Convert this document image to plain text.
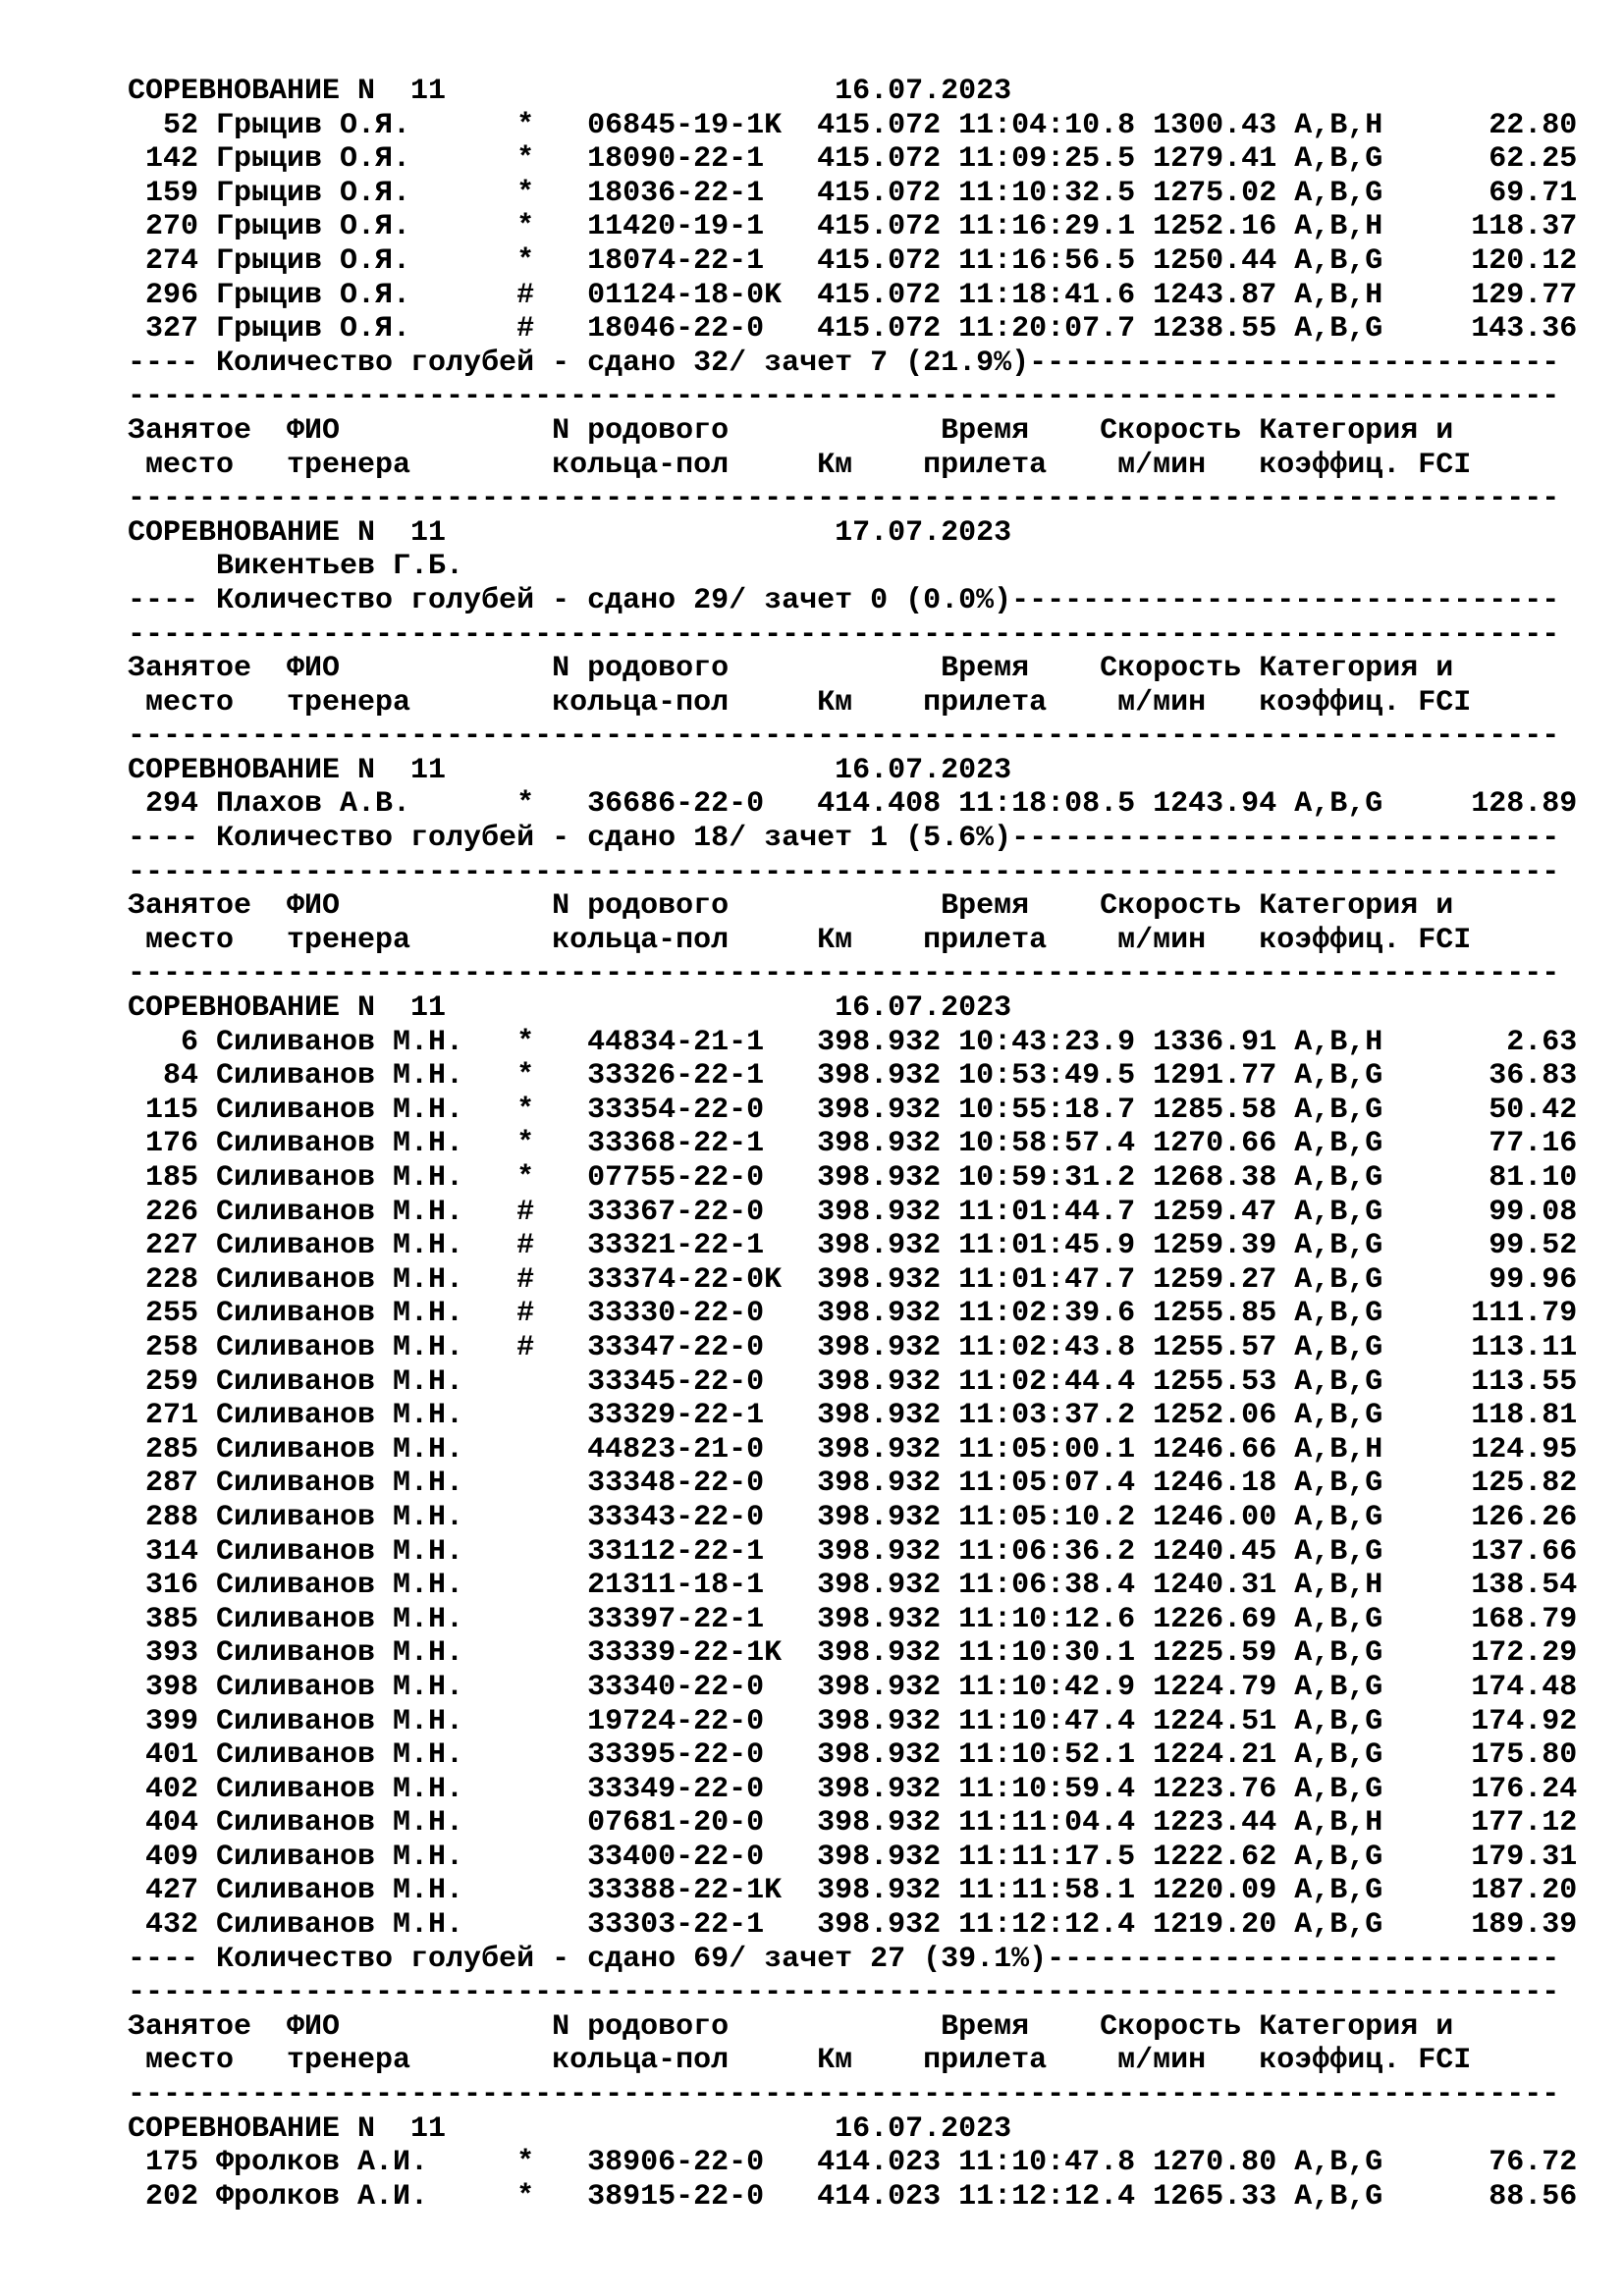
СОРЕВНОВАНИЕ N  11                      16.07.2023
52 Грыцив О.Я.      *   06845-19-1K  415.072 11:04:10.8 1300.43 A,B,H      22.80
142 Грыцив О.Я.      *   18090-22-1   415.072 11:09:25.5 1279.41 A,B,G      62.25
159 Грыцив О.Я.      *   18036-22-1   415.072 11:10:32.5 1275.02 A,B,G      69.71
270 Грыцив О.Я.      *   11420-19-1   415.072 11:16:29.1 1252.16 A,B,H     118.37
274 Грыцив О.Я.      *   18074-22-1   415.072 11:16:56.5 1250.44 A,B,G     120.12
296 Грыцив О.Я.      #   01124-18-0K  415.072 11:18:41.6 1243.87 A,B,H     129.77
327 Грыцив О.Я.      #   18046-22-0   415.072 11:20:07.7 1238.55 A,B,G     143.36
---- Количество голубей - сдано 32/ зачет 7 (21.9%)------------------------------
---------------------------------------------------------------------------------
Занятое  ФИО            N родового            Время    Скорость Категория и
место   тренера        кольца-пол     Км    прилета    м/мин   коэффиц. FCI
---------------------------------------------------------------------------------
СОРЕВНОВАНИЕ N  11                      17.07.2023
Викентьев Г.Б.
---- Количество голубей - сдано 29/ зачет 0 (0.0%)-------------------------------
---------------------------------------------------------------------------------
Занятое  ФИО            N родового            Время    Скорость Категория и
место   тренера        кольца-пол     Км    прилета    м/мин   коэффиц. FCI
---------------------------------------------------------------------------------
СОРЕВНОВАНИЕ N  11                      16.07.2023
294 Плахов А.В.      *   36686-22-0   414.408 11:18:08.5 1243.94 A,B,G     128.89
---- Количество голубей - сдано 18/ зачет 1 (5.6%)-------------------------------
---------------------------------------------------------------------------------
Занятое  ФИО            N родового            Время    Скорость Категория и
место   тренера        кольца-пол     Км    прилета    м/мин   коэффиц. FCI
---------------------------------------------------------------------------------
СОРЕВНОВАНИЕ N  11                      16.07.2023
6 Силиванов М.Н.   *   44834-21-1   398.932 10:43:23.9 1336.91 A,B,H       2.63
84 Силиванов М.Н.   *   33326-22-1   398.932 10:53:49.5 1291.77 A,B,G      36.83
115 Силиванов М.Н.   *   33354-22-0   398.932 10:55:18.7 1285.58 A,B,G      50.42
176 Силиванов М.Н.   *   33368-22-1   398.932 10:58:57.4 1270.66 A,B,G      77.16
185 Силиванов М.Н.   *   07755-22-0   398.932 10:59:31.2 1268.38 A,B,G      81.10
226 Силиванов М.Н.   #   33367-22-0   398.932 11:01:44.7 1259.47 A,B,G      99.08
227 Силиванов М.Н.   #   33321-22-1   398.932 11:01:45.9 1259.39 A,B,G      99.52
228 Силиванов М.Н.   #   33374-22-0K  398.932 11:01:47.7 1259.27 A,B,G      99.96
255 Силиванов М.Н.   #   33330-22-0   398.932 11:02:39.6 1255.85 A,B,G     111.79
258 Силиванов М.Н.   #   33347-22-0   398.932 11:02:43.8 1255.57 A,B,G     113.11
259 Силиванов М.Н.       33345-22-0   398.932 11:02:44.4 1255.53 A,B,G     113.55
271 Силиванов М.Н.       33329-22-1   398.932 11:03:37.2 1252.06 A,B,G     118.81
285 Силиванов М.Н.       44823-21-0   398.932 11:05:00.1 1246.66 A,B,H     124.95
287 Силиванов М.Н.       33348-22-0   398.932 11:05:07.4 1246.18 A,B,G     125.82
288 Силиванов М.Н.       33343-22-0   398.932 11:05:10.2 1246.00 A,B,G     126.26
314 Силиванов М.Н.       33112-22-1   398.932 11:06:36.2 1240.45 A,B,G     137.66
316 Силиванов М.Н.       21311-18-1   398.932 11:06:38.4 1240.31 A,B,H     138.54
385 Силиванов М.Н.       33397-22-1   398.932 11:10:12.6 1226.69 A,B,G     168.79
393 Силиванов М.Н.       33339-22-1K  398.932 11:10:30.1 1225.59 A,B,G     172.29
398 Силиванов М.Н.       33340-22-0   398.932 11:10:42.9 1224.79 A,B,G     174.48
399 Силиванов М.Н.       19724-22-0   398.932 11:10:47.4 1224.51 A,B,G     174.92
401 Силиванов М.Н.       33395-22-0   398.932 11:10:52.1 1224.21 A,B,G     175.80
402 Силиванов М.Н.       33349-22-0   398.932 11:10:59.4 1223.76 A,B,G     176.24
404 Силиванов М.Н.       07681-20-0   398.932 11:11:04.4 1223.44 A,B,H     177.12
409 Силиванов М.Н.       33400-22-0   398.932 11:11:17.5 1222.62 A,B,G     179.31
427 Силиванов М.Н.       33388-22-1K  398.932 11:11:58.1 1220.09 A,B,G     187.20
432 Силиванов М.Н.       33303-22-1   398.932 11:12:12.4 1219.20 A,B,G     189.39
---- Количество голубей - сдано 69/ зачет 27 (39.1%)-----------------------------
---------------------------------------------------------------------------------
Занятое  ФИО            N родового            Время    Скорость Категория и
место   тренера        кольца-пол     Км    прилета    м/мин   коэффиц. FCI
---------------------------------------------------------------------------------
СОРЕВНОВАНИЕ N  11                      16.07.2023
175 Фролков А.И.     *   38906-22-0   414.023 11:10:47.8 1270.80 A,B,G      76.72
202 Фролков А.И.     *   38915-22-0   414.023 11:12:12.4 1265.33 A,B,G      88.56
